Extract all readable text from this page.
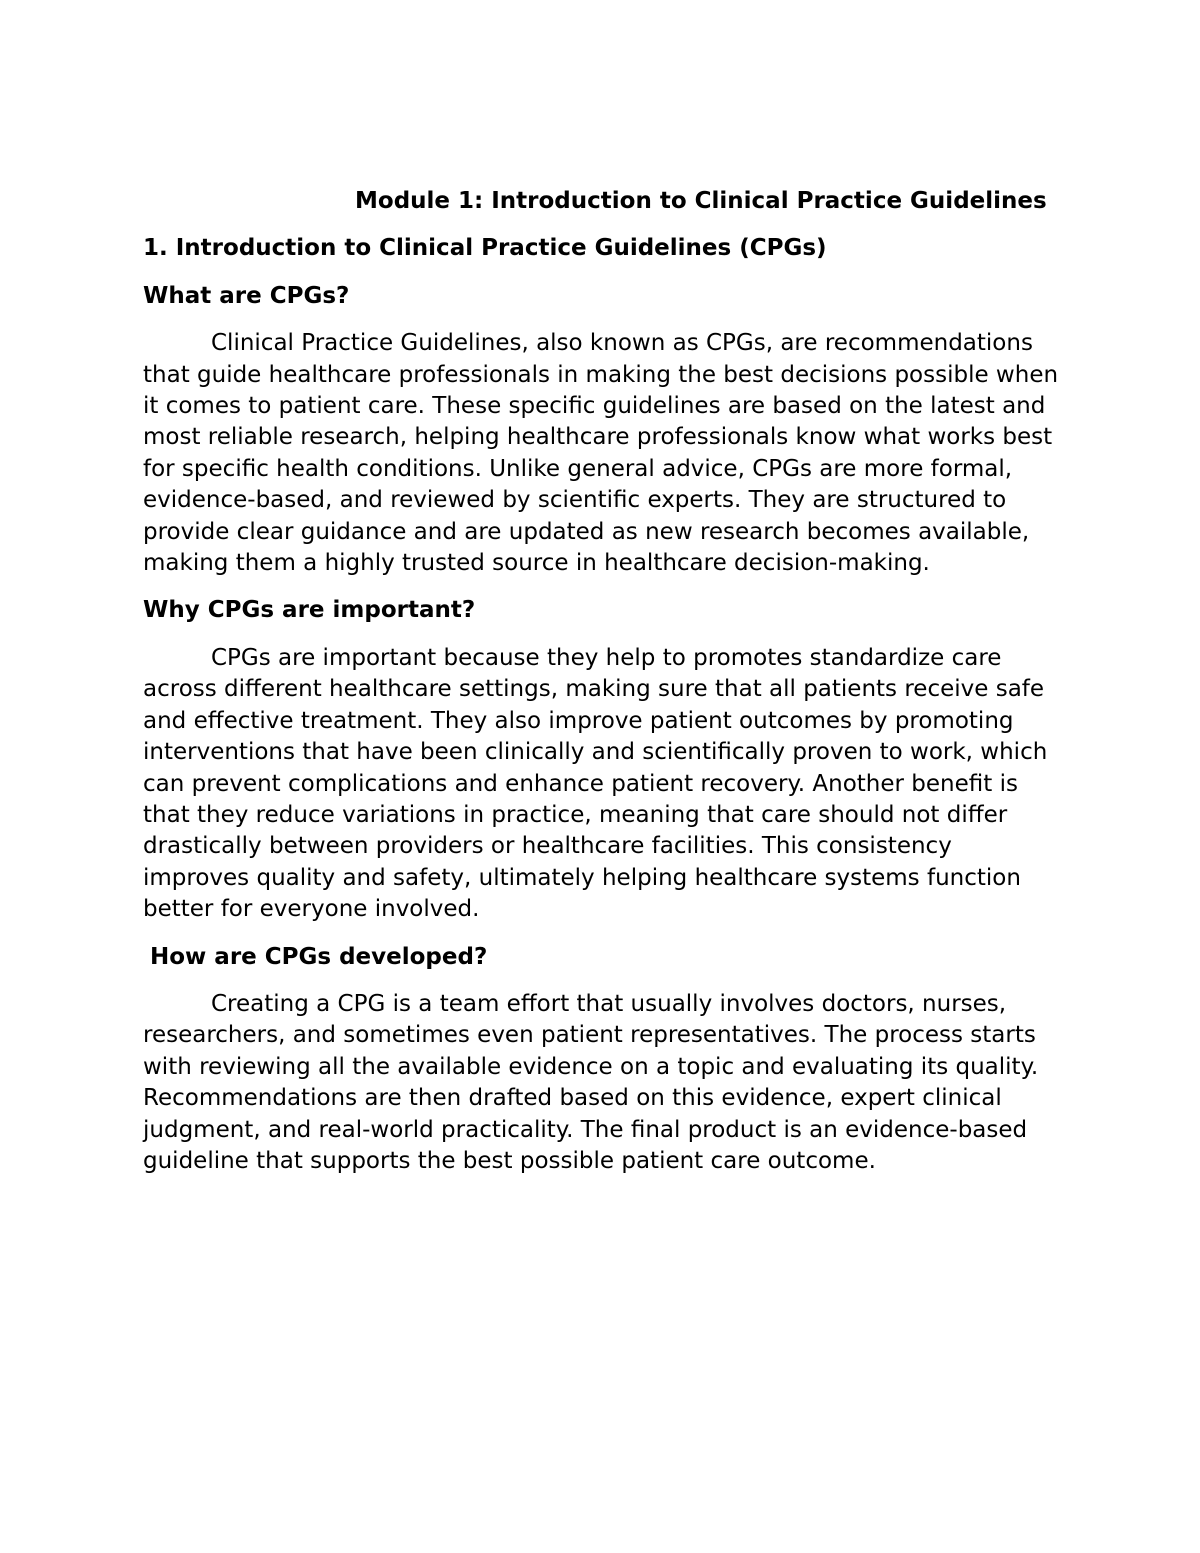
Module 1: Introduction to Clinical Practice Guidelines

1. Introduction to Clinical Practice Guidelines (CPGs)

What are CPGs?

Clinical Practice Guidelines, also known as CPGs, are recommendations that guide healthcare professionals in making the best decisions possible when it comes to patient care. These specific guidelines are based on the latest and most reliable research, helping healthcare professionals know what works best for specific health conditions. Unlike general advice, CPGs are more formal, evidence-based, and reviewed by scientific experts. They are structured to provide clear guidance and are updated as new research becomes available, making them a highly trusted source in healthcare decision-making.

Why CPGs are important?

CPGs are important because they help to promotes standardize care across different healthcare settings, making sure that all patients receive safe and effective treatment. They also improve patient outcomes by promoting interventions that have been clinically and scientifically proven to work, which can prevent complications and enhance patient recovery. Another benefit is that they reduce variations in practice, meaning that care should not differ drastically between providers or healthcare facilities. This consistency improves quality and safety, ultimately helping healthcare systems function better for everyone involved.

How are CPGs developed?

Creating a CPG is a team effort that usually involves doctors, nurses, researchers, and sometimes even patient representatives. The process starts with reviewing all the available evidence on a topic and evaluating its quality. Recommendations are then drafted based on this evidence, expert clinical judgment, and real-world practicality. The final product is an evidence-based guideline that supports the best possible patient care outcome.
